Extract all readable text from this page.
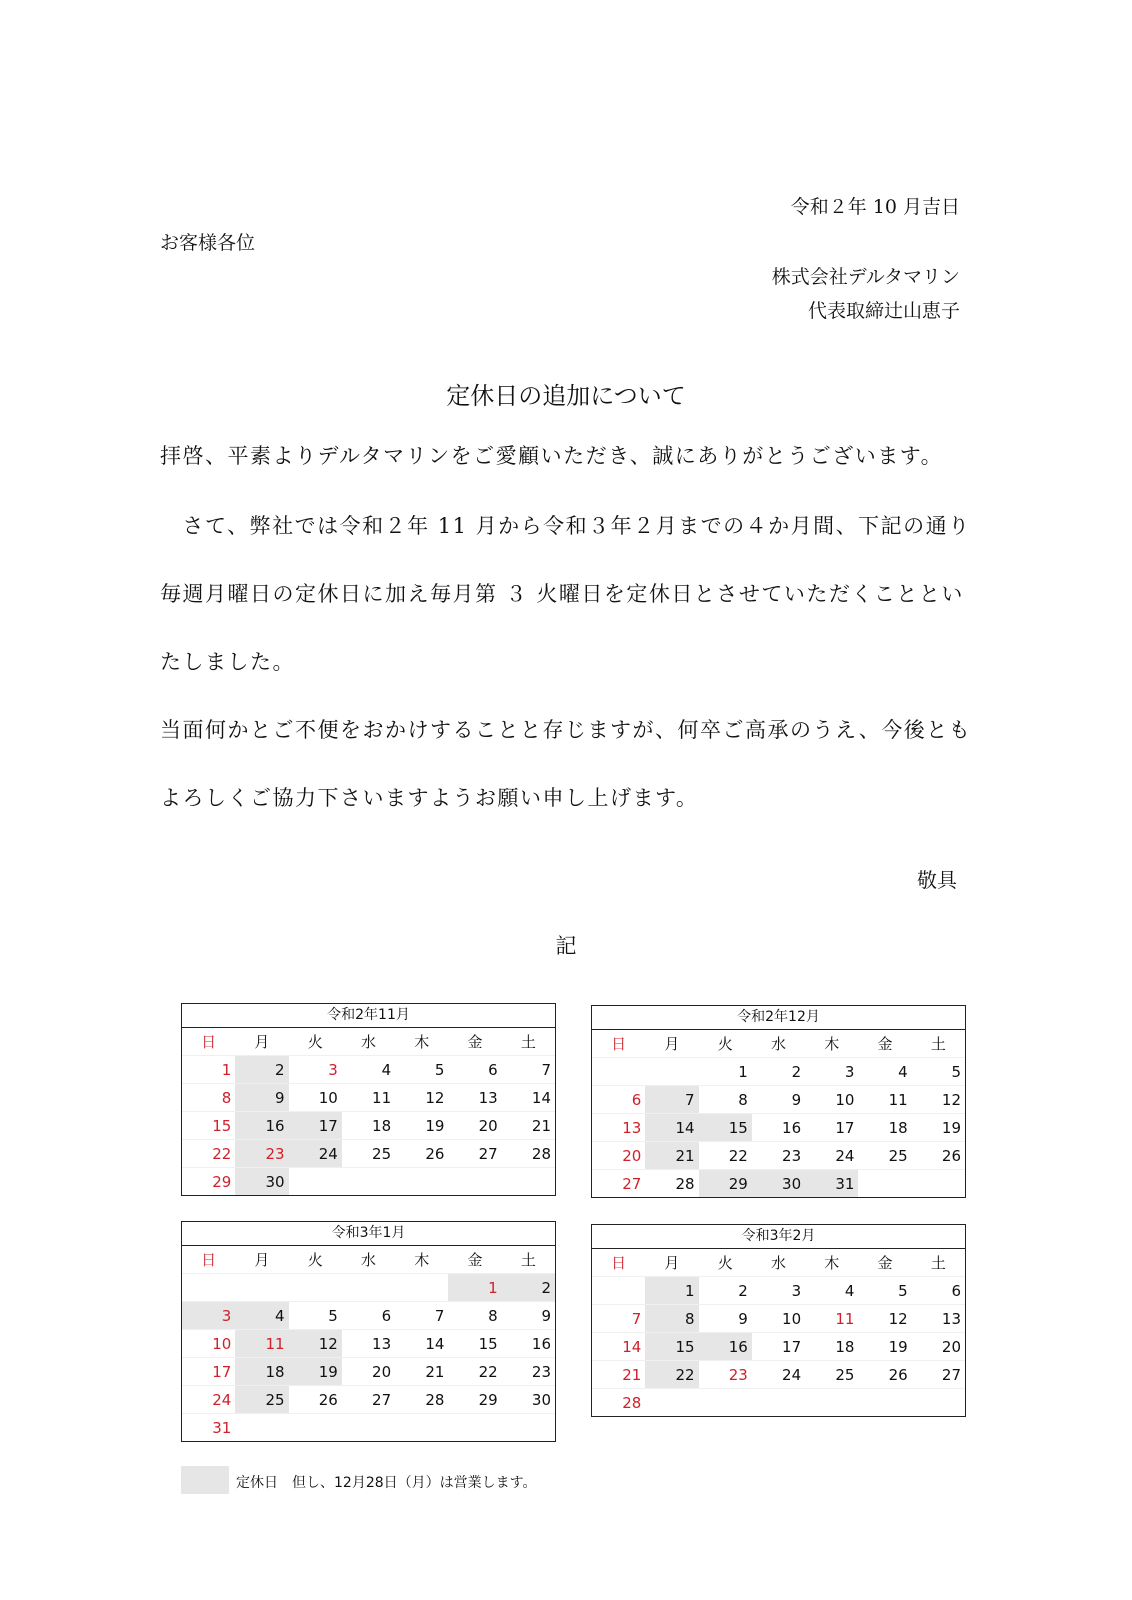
令和２年 10 月吉日
お客様各位
株式会社デルタマリン
代表取締辻山恵子
定休日の追加について
拝啓、平素よりデルタマリンをご愛顧いただき、誠にありがとうございます。
　さて、弊社では令和２年 11 月から令和３年２月までの４か月間、下記の通り
毎週月曜日の定休日に加え毎月第 ３ 火曜日を定休日とさせていただくこととい
たしました。
当面何かとご不便をおかけすることと存じますが、何卒ご高承のうえ、今後とも
よろしくご協力下さいますようお願い申し上げます。
敬具
記
令和2年11月
日	月	火	水	木	金	土
1	2	3	4	5	6	7
8	9	10	11	12	13	14
15	16	17	18	19	20	21
22	23	24	25	26	27	28
29	30					
令和2年12月
日	月	火	水	木	金	土
		1	2	3	4	5
6	7	8	9	10	11	12
13	14	15	16	17	18	19
20	21	22	23	24	25	26
27	28	29	30	31		
令和3年1月
日	月	火	水	木	金	土
					1	2
3	4	5	6	7	8	9
10	11	12	13	14	15	16
17	18	19	20	21	22	23
24	25	26	27	28	29	30
31						
令和3年2月
日	月	火	水	木	金	土
	1	2	3	4	5	6
7	8	9	10	11	12	13
14	15	16	17	18	19	20
21	22	23	24	25	26	27
28						
定休日　但し、12月28日（月）は営業します。
